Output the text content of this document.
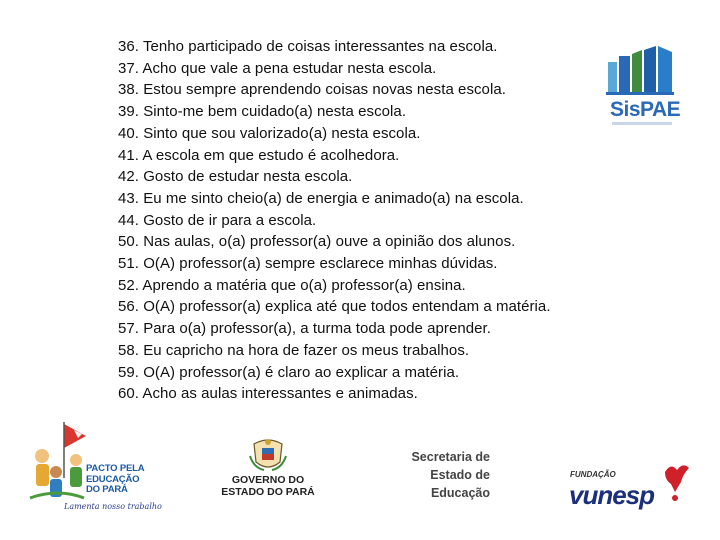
36. Tenho participado de coisas interessantes na escola.
37. Acho que vale a pena estudar nesta escola.
38. Estou sempre aprendendo coisas novas nesta escola.
39. Sinto-me bem cuidado(a) nesta escola.
40. Sinto que sou valorizado(a) nesta escola.
41. A escola em que estudo é acolhedora.
42. Gosto de estudar nesta escola.
43. Eu me sinto cheio(a) de energia e animado(a) na escola.
44. Gosto de ir para a escola.
50. Nas aulas, o(a) professor(a) ouve a opinião dos alunos.
51. O(A) professor(a) sempre esclarece minhas dúvidas.
52. Aprendo a matéria que o(a) professor(a) ensina.
56. O(A) professor(a) explica até que todos entendam a matéria.
57. Para o(a) professor(a), a turma toda pode aprender.
58. Eu capricho na hora de fazer os meus trabalhos.
59. O(A) professor(a) é claro ao explicar a matéria.
60. Acho as aulas interessantes e animadas.
SisPAE
PACTO PELA
EDUCAÇÃO
DO PARÁ
Lamenta nosso trabalho
GOVERNO DO
ESTADO DO PARÁ
Secretaria de
Estado de
Educação
FUNDAÇÃO
vunesp
